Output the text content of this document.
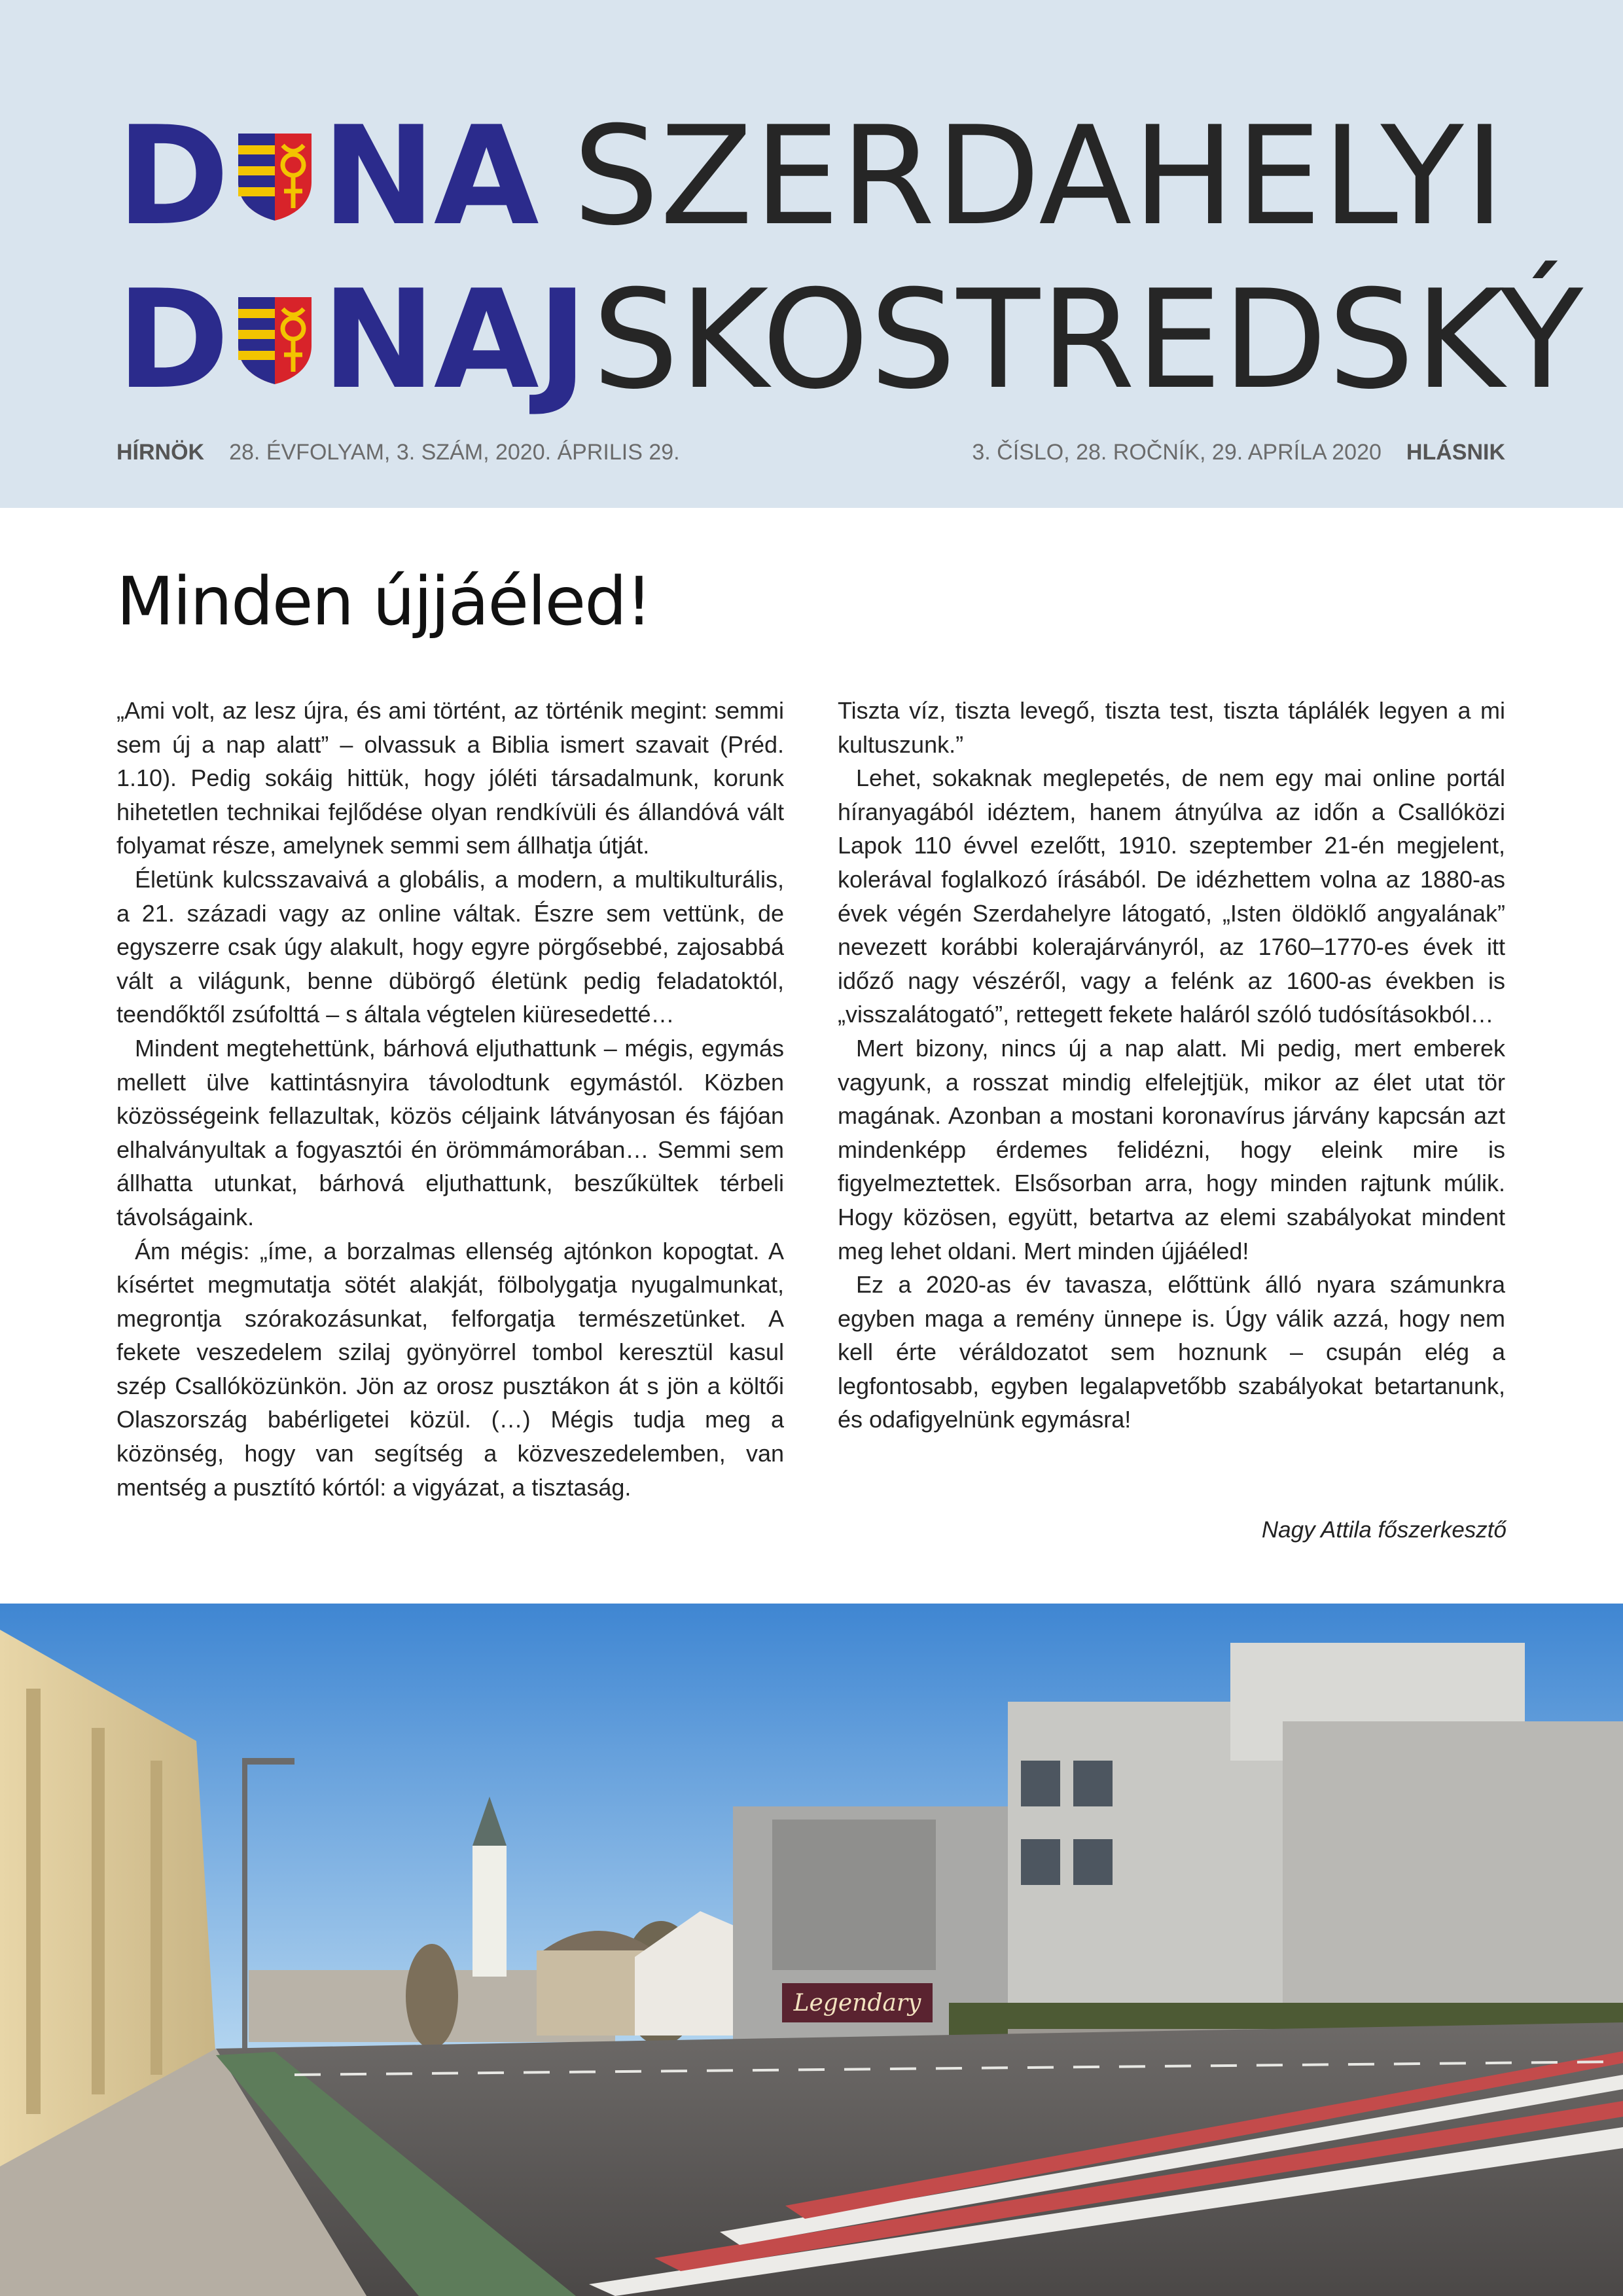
D NA SZERDAHELYI
D NAJ SKOSTREDSKÝ
HÍRNÖK 28. ÉVFOLYAM, 3. SZÁM, 2020. ÁPRILIS 29.	3. ČÍSLO, 28. ROČNÍK, 29. APRÍLA 2020 HLÁSNIK
Minden újjáéled!

„Ami volt, az lesz újra, és ami történt, az történik megint: semmi sem új a nap alatt” – olvassuk a Biblia ismert szavait (Préd. 1.10). Pedig sokáig hittük, hogy jóléti társadalmunk, korunk hihetetlen technikai fejlődése olyan rendkívüli és állandóvá vált folyamat része, amelynek semmi sem állhatja útját.

Életünk kulcsszavaivá a globális, a modern, a multikulturális, a 21. századi vagy az online váltak. Észre sem vettünk, de egyszerre csak úgy alakult, hogy egyre pörgősebbé, zajosabbá vált a világunk, benne dübörgő életünk pedig feladatoktól, teendőktől zsúfolttá – s általa végtelen kiüresedetté…

Mindent megtehettünk, bárhová eljuthattunk – mégis, egymás mellett ülve kattintásnyira távolodtunk egymástól. Közben közösségeink fellazultak, közös céljaink látványosan és fájóan elhalványultak a fogyasztói én örömmámorában… Semmi sem állhatta utunkat, bárhová eljuthattunk, beszűkültek térbeli távolságaink.

Ám mégis: „íme, a borzalmas ellenség ajtónkon kopogtat. A kísértet megmutatja sötét alakját, fölbolygatja nyugalmunkat, megrontja szórakozásunkat, felforgatja természetünket. A fekete veszedelem szilaj gyönyörrel tombol keresztül kasul szép Csallóközünkön. Jön az orosz pusztákon át s jön a költői Olaszország babérligetei közül. (…) Mégis tudja meg a közönség, hogy van segítség a közveszedelemben, van mentség a pusztító kórtól: a vigyázat, a tisztaság.

Tiszta víz, tiszta levegő, tiszta test, tiszta táplálék legyen a mi kultuszunk.”

Lehet, sokaknak meglepetés, de nem egy mai online portál híranyagából idéztem, hanem átnyúlva az időn a Csallóközi Lapok 110 évvel ezelőtt, 1910. szeptember 21-én megjelent, kolerával foglalkozó írásából. De idézhettem volna az 1880-as évek végén Szerdahelyre látogató, „Isten öldöklő angyalának” nevezett korábbi kolerajárványról, az 1760–1770-es évek itt időző nagy vészéről, vagy a felénk az 1600-as években is „visszalátogató”, rettegett fekete haláról szóló tudósításokból…

Mert bizony, nincs új a nap alatt. Mi pedig, mert emberek vagyunk, a rosszat mindig elfelejtjük, mikor az élet utat tör magának. Azonban a mostani koronavírus járvány kapcsán azt mindenképp érdemes felidézni, hogy eleink mire is figyelmeztettek. Elsősorban arra, hogy minden rajtunk múlik. Hogy közösen, együtt, betartva az elemi szabályokat mindent meg lehet oldani. Mert minden újjáéled!

Ez a 2020-as év tavasza, előttünk álló nyara számunkra egyben maga a remény ünnepe is. Úgy válik azzá, hogy nem kell érte véráldozatot sem hoznunk – csupán elég a legfontosabb, egyben legalapvetőbb szabályokat betartanunk, és odafigyelnünk egymásra!

Nagy Attila főszerkesztő
Legendary
